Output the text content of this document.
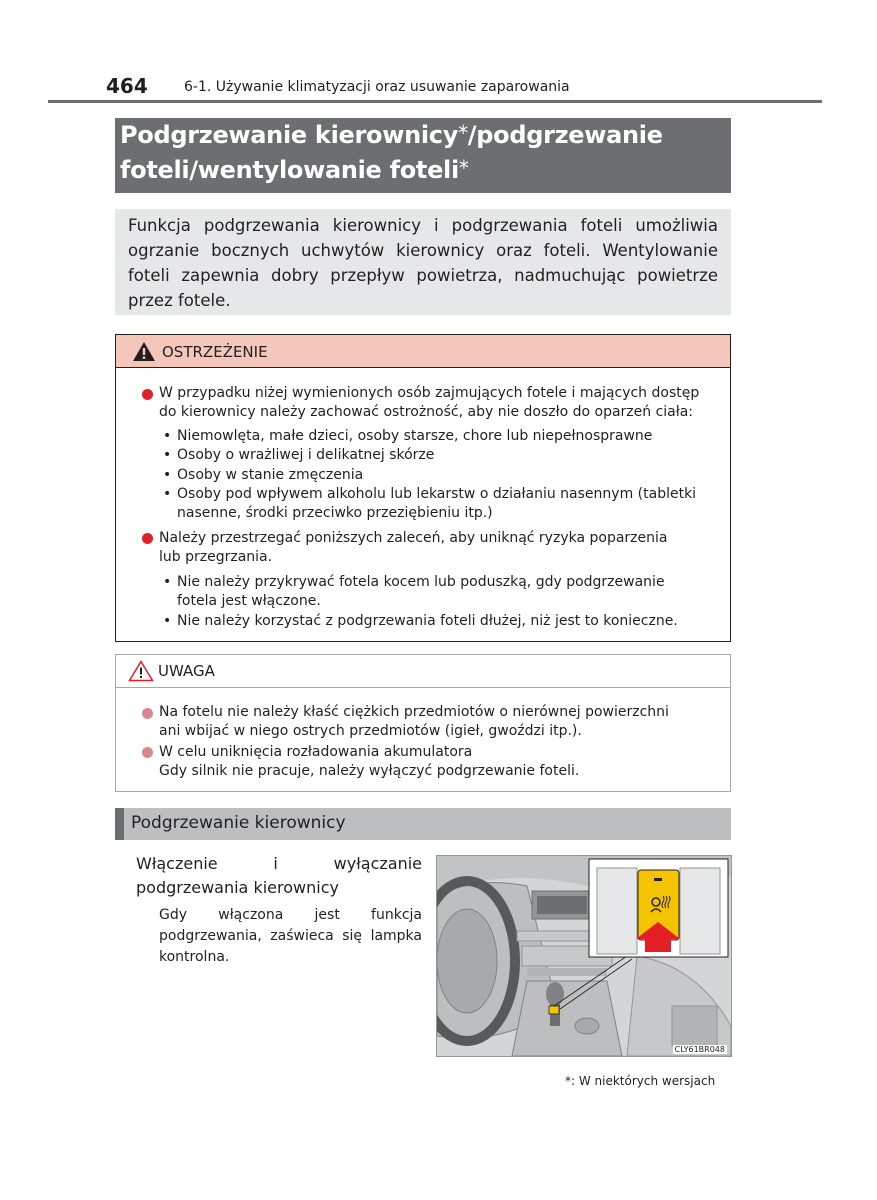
464	6-1. Używanie klimatyzacji oraz usuwanie zaparowania
Podgrzewanie kierownicy*/podgrzewanie
foteli/wentylowanie foteli*

Funkcja podgrzewania kierownicy i podgrzewania foteli umożliwia ogrzanie bocznych uchwytów kierownicy oraz foteli. Wentylowanie foteli zapewnia dobry przepływ powietrza, nadmuchując powietrze przez fotele.

OSTRZEŻENIE
W przypadku niżej wymienionych osób zajmujących fotele i mających dostęp
do kierownicy należy zachować ostrożność, aby nie doszło do oparzeń ciała:
• Niemowlęta, małe dzieci, osoby starsze, chore lub niepełnosprawne
• Osoby o wrażliwej i delikatnej skórze
• Osoby w stanie zmęczenia
• Osoby pod wpływem alkoholu lub lekarstw o działaniu nasennym (tabletki
nasenne, środki przeciwko przeziębieniu itp.)
Należy przestrzegać poniższych zaleceń, aby uniknąć ryzyka poparzenia
lub przegrzania.
• Nie należy przykrywać fotela kocem lub poduszką, gdy podgrzewanie
fotela jest włączone.
• Nie należy korzystać z podgrzewania foteli dłużej, niż jest to konieczne.
UWAGA
Na fotelu nie należy kłaść ciężkich przedmiotów o nierównej powierzchni
ani wbijać w niego ostrych przedmiotów (igieł, gwoździ itp.).
W celu uniknięcia rozładowania akumulatora
Gdy silnik nie pracuje, należy wyłączyć podgrzewanie foteli.
Podgrzewanie kierownicy
Włączenie i wyłączanie podgrzewania kierownicy
Gdy włączona jest funkcja podgrzewania, zaświeca się lampka kontrolna.
CLY61BR048
*: W niektórych wersjach
